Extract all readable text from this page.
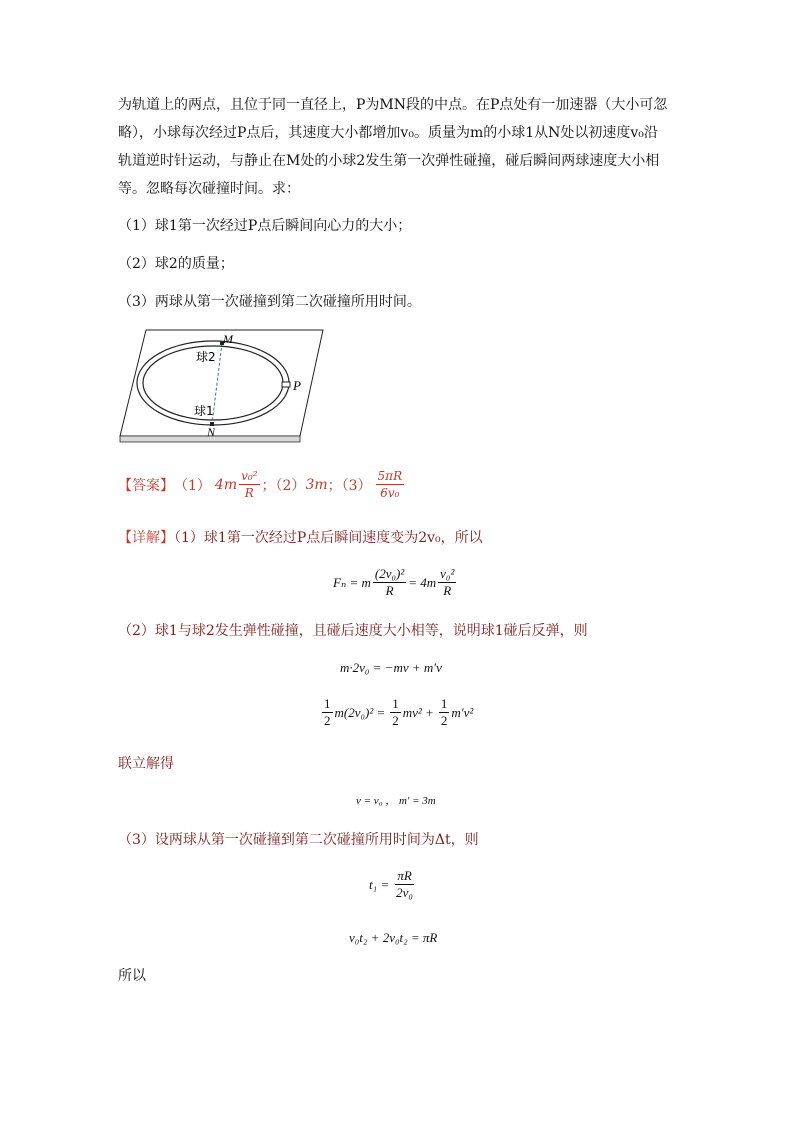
为轨道上的两点，且位于同一直径上，P为MN段的中点。在P点处有一加速器（大小可忽

略），小球每次经过P点后，其速度大小都增加v₀。质量为m的小球1从N处以初速度v₀沿

轨道逆时针运动，与静止在M处的小球2发生第一次弹性碰撞，碰后瞬间两球速度大小相

等。忽略每次碰撞时间。求：

（1）球1第一次经过P点后瞬间向心力的大小；

（2）球2的质量；

（3）两球从第一次碰撞到第二次碰撞所用时间。

M
N
P
球2
球1
【答案】 （1） $4m \frac{\text{v₀²}}{R}$ ；（2） 3m ；$(3) \frac{5\pi R}{\text{6v₀}}$
【详解】（1）球1第一次经过P点后瞬间速度变为2v₀，所以
Fₙ = m $\frac{\text{(2v₀)²}}{R} = 4m \frac{\text{v₀²}}{R}$

（2）球1与球2发生弹性碰撞，且碰后速度大小相等，说明球1碰后反弹，则

m·2v₀ = −mv + m′v
$\frac{1}{2} m(2v_0)^2 = \frac{1}{2} mv^2 + \frac{1}{2} m'v^2$

联立解得

v = v₀ ， m′ = 3m

（3）设两球从第一次碰撞到第二次碰撞所用时间为Δt，则

$t_1 = \frac{\pi R}{\text{2v₀}}$
v₀t₂ + 2v₀t₂ = πR

所以
